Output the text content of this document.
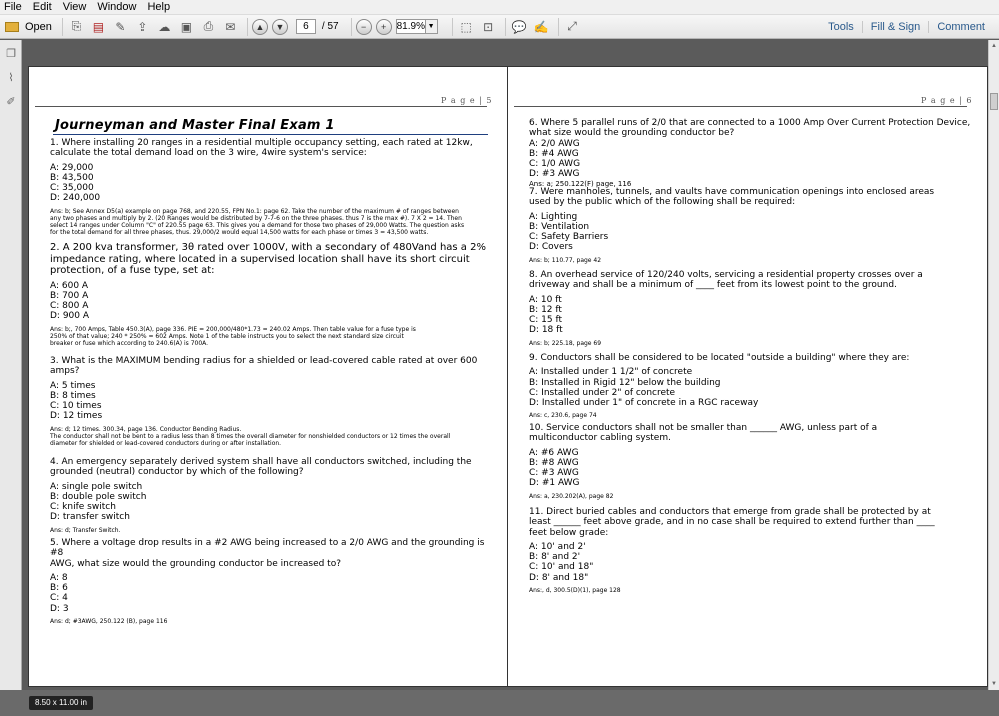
File Edit View Window Help
Open	⎘ ▤ ✎ ⇪ ☁ ▣ ⎙	✉	▲	▼	6	/ 57	−	+	81.9% ▼	⬚ ⊡	💬 ✍	⤢	Tools	Fill & Sign	Comment
❐
⌇
✐	P a g e | 5
Journeyman and Master Final Exam 1
1. Where installing 20 ranges in a residential multiple occupancy setting, each rated at 12kw,
calculate the total demand load on the 3 wire, 4wire system's service:
A: 29,000
B: 43,500
C: 35,000
D: 240,000
Ans: b; See Annex D5(a) example on page 768, and 220.55, FPN No.1: page 62. Take the number of the maximum # of ranges between
any two phases and multiply by 2. (20 Ranges would be distributed by 7-7-6 on the three phases. thus 7 is the max #). 7 X 2 = 14. Then
select 14 ranges under Column "C" of 220.55 page 63. This gives you a demand for those two phases of 29,000 Watts. The question asks
for the total demand for all three phases, thus. 29,000/2 would equal 14,500 watts for each phase or times 3 = 43,500 watts.
2. A 200 kva transformer, 3θ rated over 1000V, with a secondary of 480Vand has a 2%
impedance rating, where located in a supervised location shall have its short circuit
protection, of a fuse type, set at:
A: 600 A
B: 700 A
C: 800 A
D: 900 A
Ans: b;, 700 Amps, Table 450.3(A), page 336. PIE = 200,000/480*1.73 = 240.02 Amps. Then table value for a fuse type is
250% of that value; 240 * 250% = 602 Amps. Note 1 of the table instructs you to select the next standard size circuit
breaker or fuse which according to 240.6(A) is 700A.
3. What is the MAXIMUM bending radius for a shielded or lead-covered cable rated at over 600
amps?
A: 5 times
B: 8 times
C: 10 times
D: 12 times
Ans: d; 12 times. 300.34, page 136. Conductor Bending Radius.
The conductor shall not be bent to a radius less than 8 times the overall diameter for nonshielded conductors or 12 times the overall
diameter for shielded or lead-covered conductors during or after installation.
4. An emergency separately derived system shall have all conductors switched, including the
grounded (neutral) conductor by which of the following?
A: single pole switch
B: double pole switch
C: knife switch
D: transfer switch
Ans: d; Transfer Switch.
5. Where a voltage drop results in a #2 AWG being increased to a 2/0 AWG and the grounding is #8
AWG, what size would the grounding conductor be increased to?
A: 8
B: 6
C: 4
D: 3
Ans: d; #3AWG, 250.122 (B), page 116
P a g e | 6
6. Where 5 parallel runs of 2/0 that are connected to a 1000 Amp Over Current Protection Device,
what size would the grounding conductor be?
A: 2/0 AWG
B: #4 AWG
C: 1/0 AWG
D: #3 AWG
Ans: a; 250.122(F) page, 116
7. Were manholes, tunnels, and vaults have communication openings into enclosed areas
used by the public which of the following shall be required:
A: Lighting
B: Ventilation
C: Safety Barriers
D: Covers
Ans: b; 110.77, page 42
8. An overhead service of 120/240 volts, servicing a residential property crosses over a
driveway and shall be a minimum of ____ feet from its lowest point to the ground.
A: 10 ft
B: 12 ft
C: 15 ft
D: 18 ft
Ans: b; 225.18, page 69
9. Conductors shall be considered to be located "outside a building" where they are:
A: Installed under 1 1/2" of concrete
B: Installed in Rigid 12" below the building
C: Installed under 2" of concrete
D: Installed under 1" of concrete in a RGC raceway
Ans: c, 230.6, page 74
10. Service conductors shall not be smaller than ______ AWG, unless part of a
multiconductor cabling system.
A: #6 AWG
B: #8 AWG
C: #3 AWG
D: #1 AWG
Ans: a, 230.202(A), page 82
11. Direct buried cables and conductors that emerge from grade shall be protected by at
least ______ feet above grade, and in no case shall be required to extend further than ____
feet below grade:
A: 10' and 2'
B: 8' and 2'
C: 10' and 18"
D: 8' and 18"
Ans:, d, 300.5(D)(1), page 128
▲
▼
8.50 x 11.00 in
